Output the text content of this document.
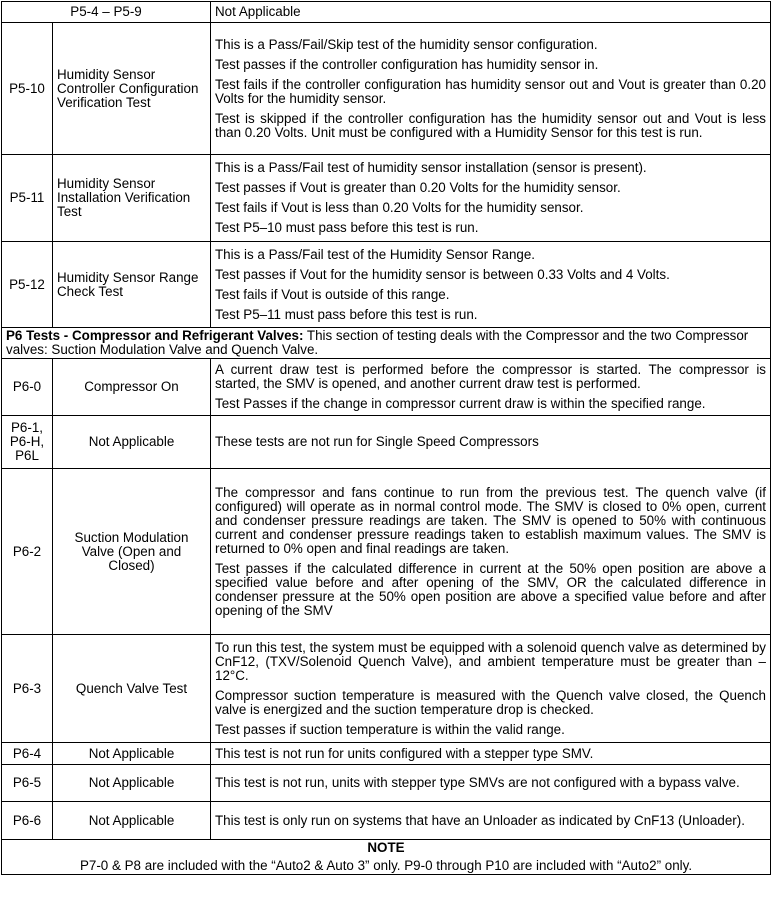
P5-4 – P5-9		Not Applicable

P5-10	Humidity Sensor Controller Configuration Verification Test	This is a Pass/Fail/Skip test of the humidity sensor configuration.

Test passes if the controller configuration has humidity sensor in.

Test fails if the controller configuration has humidity sensor out and Vout is greater than 0.20 Volts for the humidity sensor.

Test is skipped if the controller configuration has the humidity sensor out and Vout is less than 0.20 Volts. Unit must be configured with a Humidity Sensor for this test is run.

P5-11	Humidity Sensor Installation Verification Test	This is a Pass/Fail test of humidity sensor installation (sensor is present).

Test passes if Vout is greater than 0.20 Volts for the humidity sensor.

Test fails if Vout is less than 0.20 Volts for the humidity sensor.

Test P5–10 must pass before this test is run.

P5-12	Humidity Sensor Range Check Test	This is a Pass/Fail test of the Humidity Sensor Range.

Test passes if Vout for the humidity sensor is between 0.33 Volts and 4 Volts.

Test fails if Vout is outside of this range.

Test P5–11 must pass before this test is run.

P6 Tests - Compressor and Refrigerant Valves: This section of testing deals with the Compressor and the two Compressor valves: Suction Modulation Valve and Quench Valve.		
P6-0	Compressor On	A current draw test is performed before the compressor is started. The compressor is started, the SMV is opened, and another current draw test is performed.

Test Passes if the change in compressor current draw is within the specified range.

P6-1, P6-H, P6L	Not Applicable	These tests are not run for Single Speed Compressors

P6-2	Suction Modulation Valve (Open and Closed)	The compressor and fans continue to run from the previous test. The quench valve (if configured) will operate as in normal control mode. The SMV is closed to 0% open, current and condenser pressure readings are taken. The SMV is opened to 50% with continuous current and condenser pressure readings taken to establish maximum values. The SMV is returned to 0% open and final readings are taken.

Test passes if the calculated difference in current at the 50% open position are above a specified value before and after opening of the SMV, OR the calculated difference in condenser pressure at the 50% open position are above a specified value before and after opening of the SMV

P6-3	Quench Valve Test	To run this test, the system must be equipped with a solenoid quench valve as determined by CnF12, (TXV/Solenoid Quench Valve), and ambient temperature must be greater than –12°C.

Compressor suction temperature is measured with the Quench valve closed, the Quench valve is energized and the suction temperature drop is checked.

Test passes if suction temperature is within the valid range.

P6-4	Not Applicable	This test is not run for units configured with a stepper type SMV.

P6-5	Not Applicable	This test is not run, units with stepper type SMVs are not configured with a bypass valve.

P6-6	Not Applicable	This test is only run on systems that have an Unloader as indicated by CnF13 (Unloader).

NOTE
P7-0 & P8 are included with the “Auto2 & Auto 3” only. P9-0 through P10 are included with “Auto2” only.		
